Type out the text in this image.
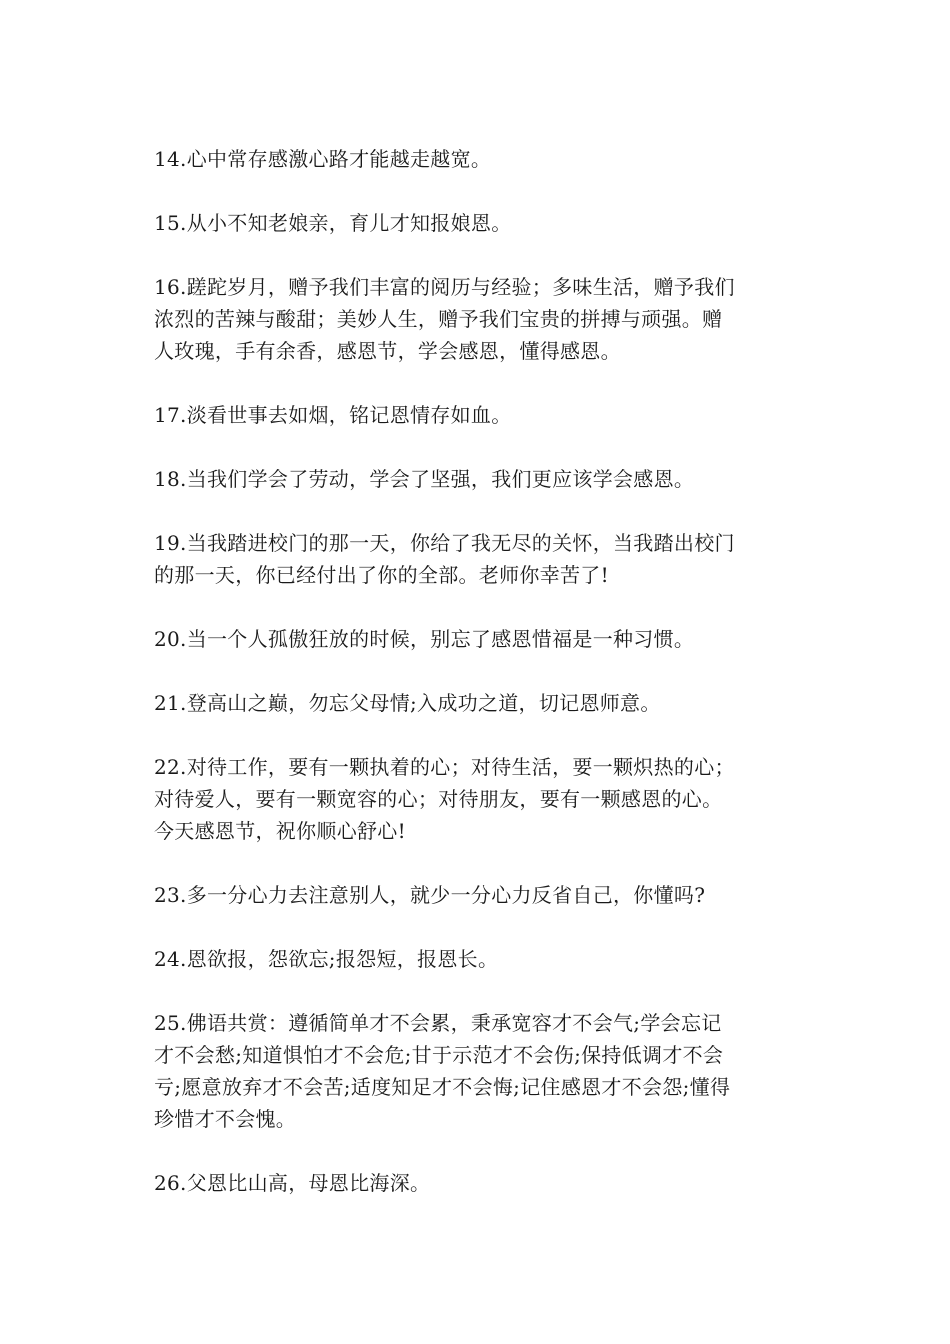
14.心中常存感激心路才能越走越宽。

15.从小不知老娘亲，育儿才知报娘恩。

16.蹉跎岁月，赠予我们丰富的阅历与经验；多味生活，赠予我们
浓烈的苦辣与酸甜；美妙人生，赠予我们宝贵的拼搏与顽强。赠
人玫瑰，手有余香，感恩节，学会感恩，懂得感恩。

17.淡看世事去如烟，铭记恩情存如血。

18.当我们学会了劳动，学会了坚强，我们更应该学会感恩。

19.当我踏进校门的那一天，你给了我无尽的关怀，当我踏出校门
的那一天，你已经付出了你的全部。老师你幸苦了!

20.当一个人孤傲狂放的时候，别忘了感恩惜福是一种习惯。

21.登高山之巅，勿忘父母情;入成功之道，切记恩师意。

22.对待工作，要有一颗执着的心；对待生活，要一颗炽热的心；
对待爱人，要有一颗宽容的心；对待朋友，要有一颗感恩的心。
今天感恩节，祝你顺心舒心!

23.多一分心力去注意别人，就少一分心力反省自己，你懂吗?

24.恩欲报，怨欲忘;报怨短，报恩长。

25.佛语共赏：遵循简单才不会累，秉承宽容才不会气;学会忘记
才不会愁;知道惧怕才不会危;甘于示范才不会伤;保持低调才不会
亏;愿意放弃才不会苦;适度知足才不会悔;记住感恩才不会怨;懂得
珍惜才不会愧。

26.父恩比山高，母恩比海深。
